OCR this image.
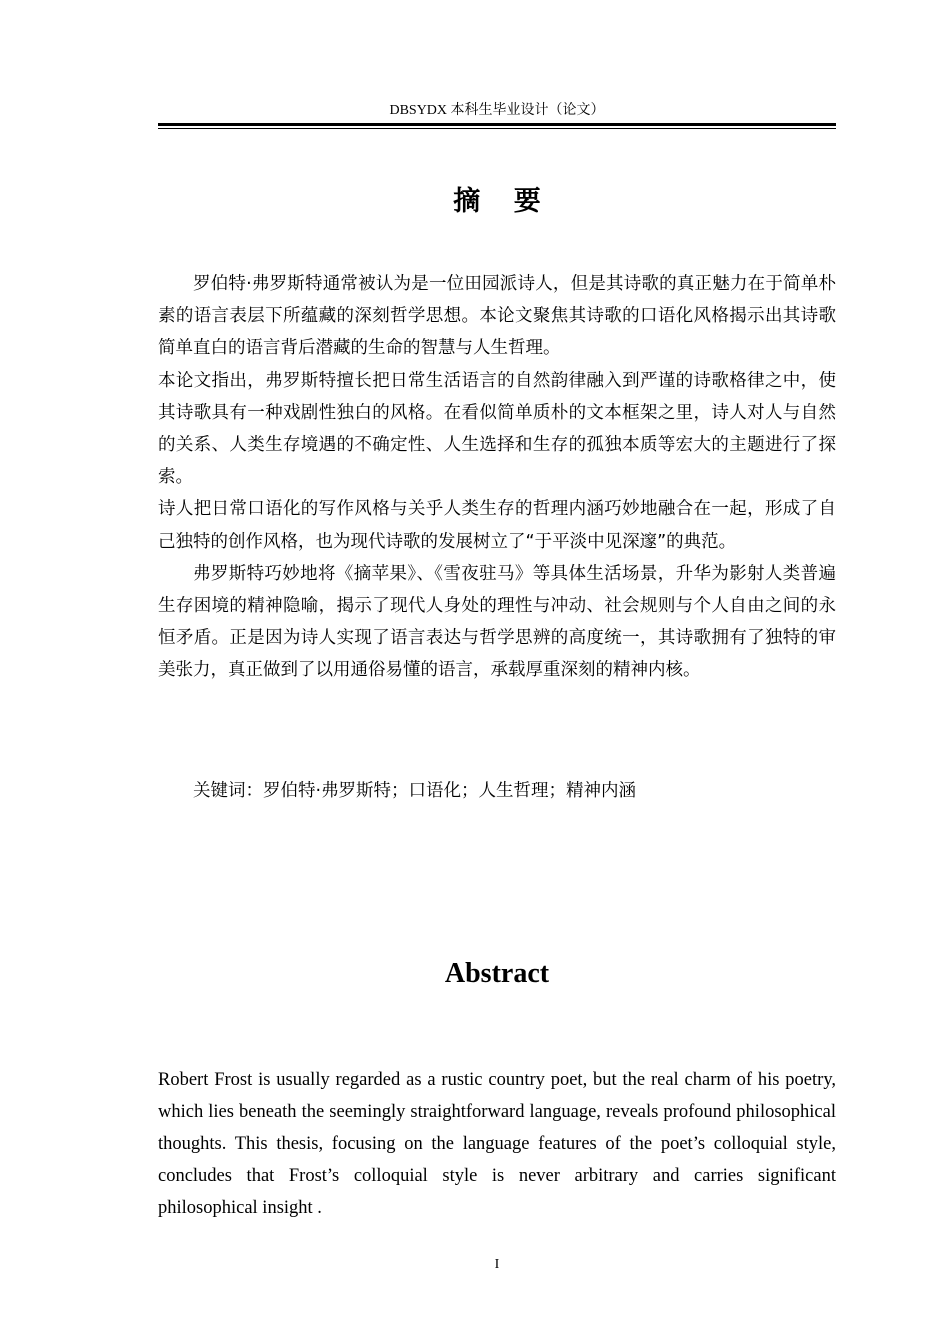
DBSYDX 本科生毕业设计（论文）
摘 要

罗伯特·弗罗斯特通常被认为是一位田园派诗人，但是其诗歌的真正魅力在于简单朴素的语言表层下所蕴藏的深刻哲学思想。本论文聚焦其诗歌的口语化风格揭示出其诗歌简单直白的语言背后潜藏的生命的智慧与人生哲理。

本论文指出，弗罗斯特擅长把日常生活语言的自然韵律融入到严谨的诗歌格律之中，使其诗歌具有一种戏剧性独白的风格。在看似简单质朴的文本框架之里，诗人对人与自然的关系、人类生存境遇的不确定性、人生选择和生存的孤独本质等宏大的主题进行了探索。

诗人把日常口语化的写作风格与关乎人类生存的哲理内涵巧妙地融合在一起，形成了自己独特的创作风格，也为现代诗歌的发展树立了“于平淡中见深邃”的典范。

弗罗斯特巧妙地将《摘苹果》、《雪夜驻马》等具体生活场景，升华为影射人类普遍生存困境的精神隐喻，揭示了现代人身处的理性与冲动、社会规则与个人自由之间的永恒矛盾。正是因为诗人实现了语言表达与哲学思辨的高度统一，其诗歌拥有了独特的审美张力，真正做到了以用通俗易懂的语言，承载厚重深刻的精神内核。

关键词：罗伯特·弗罗斯特；口语化；人生哲理；精神内涵
Abstract

Robert Frost is usually regarded as a rustic country poet, but the real charm of his poetry, which lies beneath the seemingly straightforward language, reveals profound philosophical thoughts. This thesis, focusing on the language features of the poet’s colloquial style, concludes that Frost’s colloquial style is never arbitrary and carries significant philosophical insight .

I
